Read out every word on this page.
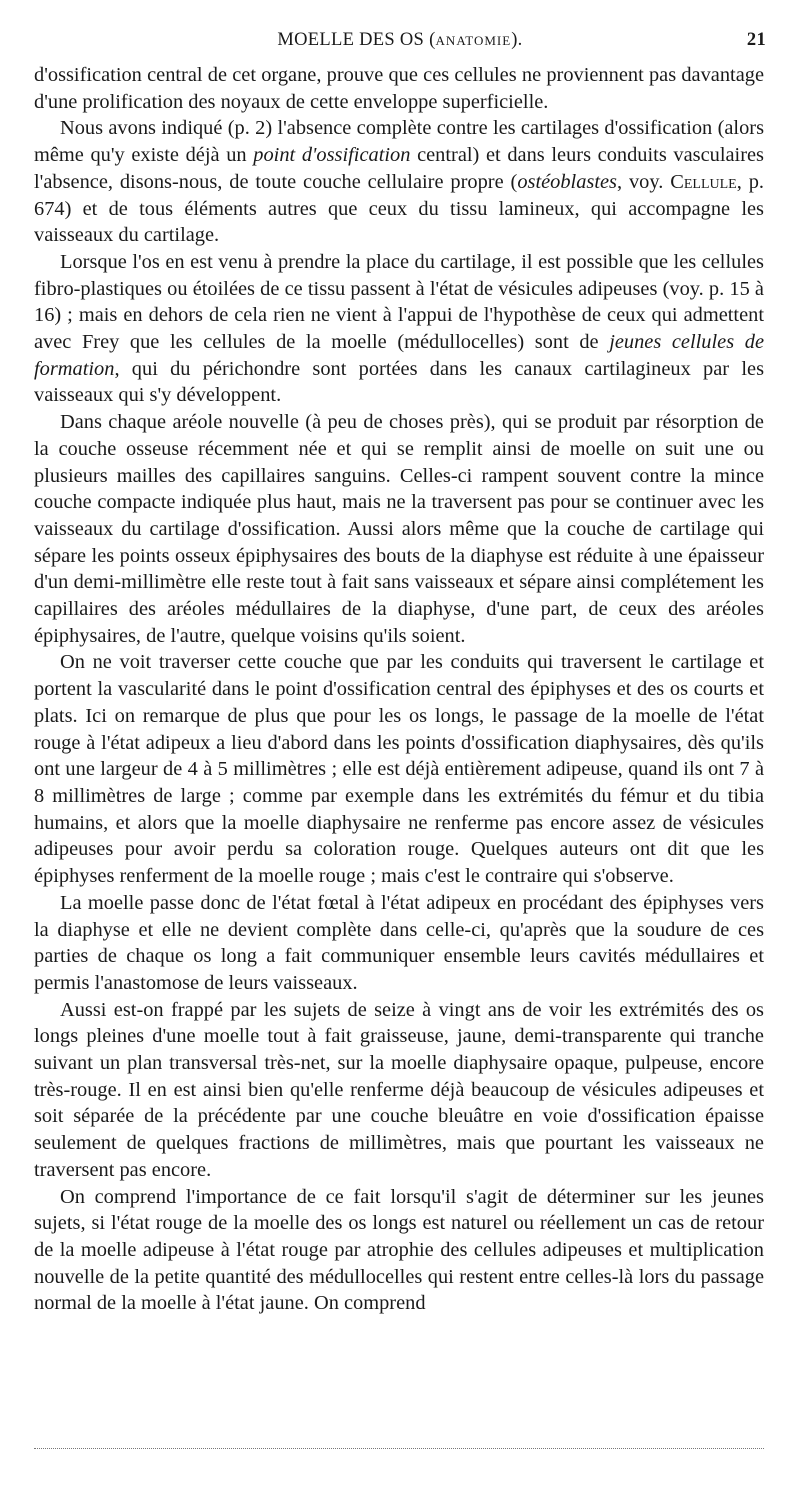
MOELLE DES OS (ANATOMIE).	21

d'ossification central de cet organe, prouve que ces cellules ne proviennent pas davantage d'une prolification des noyaux de cette enveloppe superficielle.

Nous avons indiqué (p. 2) l'absence complète contre les cartilages d'ossification (alors même qu'y existe déjà un point d'ossification central) et dans leurs conduits vasculaires l'absence, disons-nous, de toute couche cellulaire propre (ostéoblastes, voy. Cellule, p. 674) et de tous éléments autres que ceux du tissu lamineux, qui accompagne les vaisseaux du cartilage.

Lorsque l'os en est venu à prendre la place du cartilage, il est possible que les cellules fibro-plastiques ou étoilées de ce tissu passent à l'état de vésicules adipeuses (voy. p. 15 à 16) ; mais en dehors de cela rien ne vient à l'appui de l'hypothèse de ceux qui admettent avec Frey que les cellules de la moelle (médullocelles) sont de jeunes cellules de formation, qui du périchondre sont portées dans les canaux cartilagineux par les vaisseaux qui s'y développent.

Dans chaque aréole nouvelle (à peu de choses près), qui se produit par résorption de la couche osseuse récemment née et qui se remplit ainsi de moelle on suit une ou plusieurs mailles des capillaires sanguins. Celles-ci rampent souvent contre la mince couche compacte indiquée plus haut, mais ne la traversent pas pour se continuer avec les vaisseaux du cartilage d'ossification. Aussi alors même que la couche de cartilage qui sépare les points osseux épiphysaires des bouts de la diaphyse est réduite à une épaisseur d'un demi-millimètre elle reste tout à fait sans vaisseaux et sépare ainsi complétement les capillaires des aréoles médullaires de la diaphyse, d'une part, de ceux des aréoles épiphysaires, de l'autre, quelque voisins qu'ils soient.

On ne voit traverser cette couche que par les conduits qui traversent le cartilage et portent la vascularité dans le point d'ossification central des épiphyses et des os courts et plats. Ici on remarque de plus que pour les os longs, le passage de la moelle de l'état rouge à l'état adipeux a lieu d'abord dans les points d'ossification diaphysaires, dès qu'ils ont une largeur de 4 à 5 millimètres ; elle est déjà entièrement adipeuse, quand ils ont 7 à 8 millimètres de large ; comme par exemple dans les extrémités du fémur et du tibia humains, et alors que la moelle diaphysaire ne renferme pas encore assez de vésicules adipeuses pour avoir perdu sa coloration rouge. Quelques auteurs ont dit que les épiphyses renferment de la moelle rouge ; mais c'est le contraire qui s'observe.

La moelle passe donc de l'état fœtal à l'état adipeux en procédant des épiphyses vers la diaphyse et elle ne devient complète dans celle-ci, qu'après que la soudure de ces parties de chaque os long a fait communiquer ensemble leurs cavités médullaires et permis l'anastomose de leurs vaisseaux.

Aussi est-on frappé par les sujets de seize à vingt ans de voir les extrémités des os longs pleines d'une moelle tout à fait graisseuse, jaune, demi-transparente qui tranche suivant un plan transversal très-net, sur la moelle diaphysaire opaque, pulpeuse, encore très-rouge. Il en est ainsi bien qu'elle renferme déjà beaucoup de vésicules adipeuses et soit séparée de la précédente par une couche bleuâtre en voie d'ossification épaisse seulement de quelques fractions de millimètres, mais que pourtant les vaisseaux ne traversent pas encore.

On comprend l'importance de ce fait lorsqu'il s'agit de déterminer sur les jeunes sujets, si l'état rouge de la moelle des os longs est naturel ou réellement un cas de retour de la moelle adipeuse à l'état rouge par atrophie des cellules adipeuses et multiplication nouvelle de la petite quantité des médullocelles qui restent entre celles-là lors du passage normal de la moelle à l'état jaune. On comprend
